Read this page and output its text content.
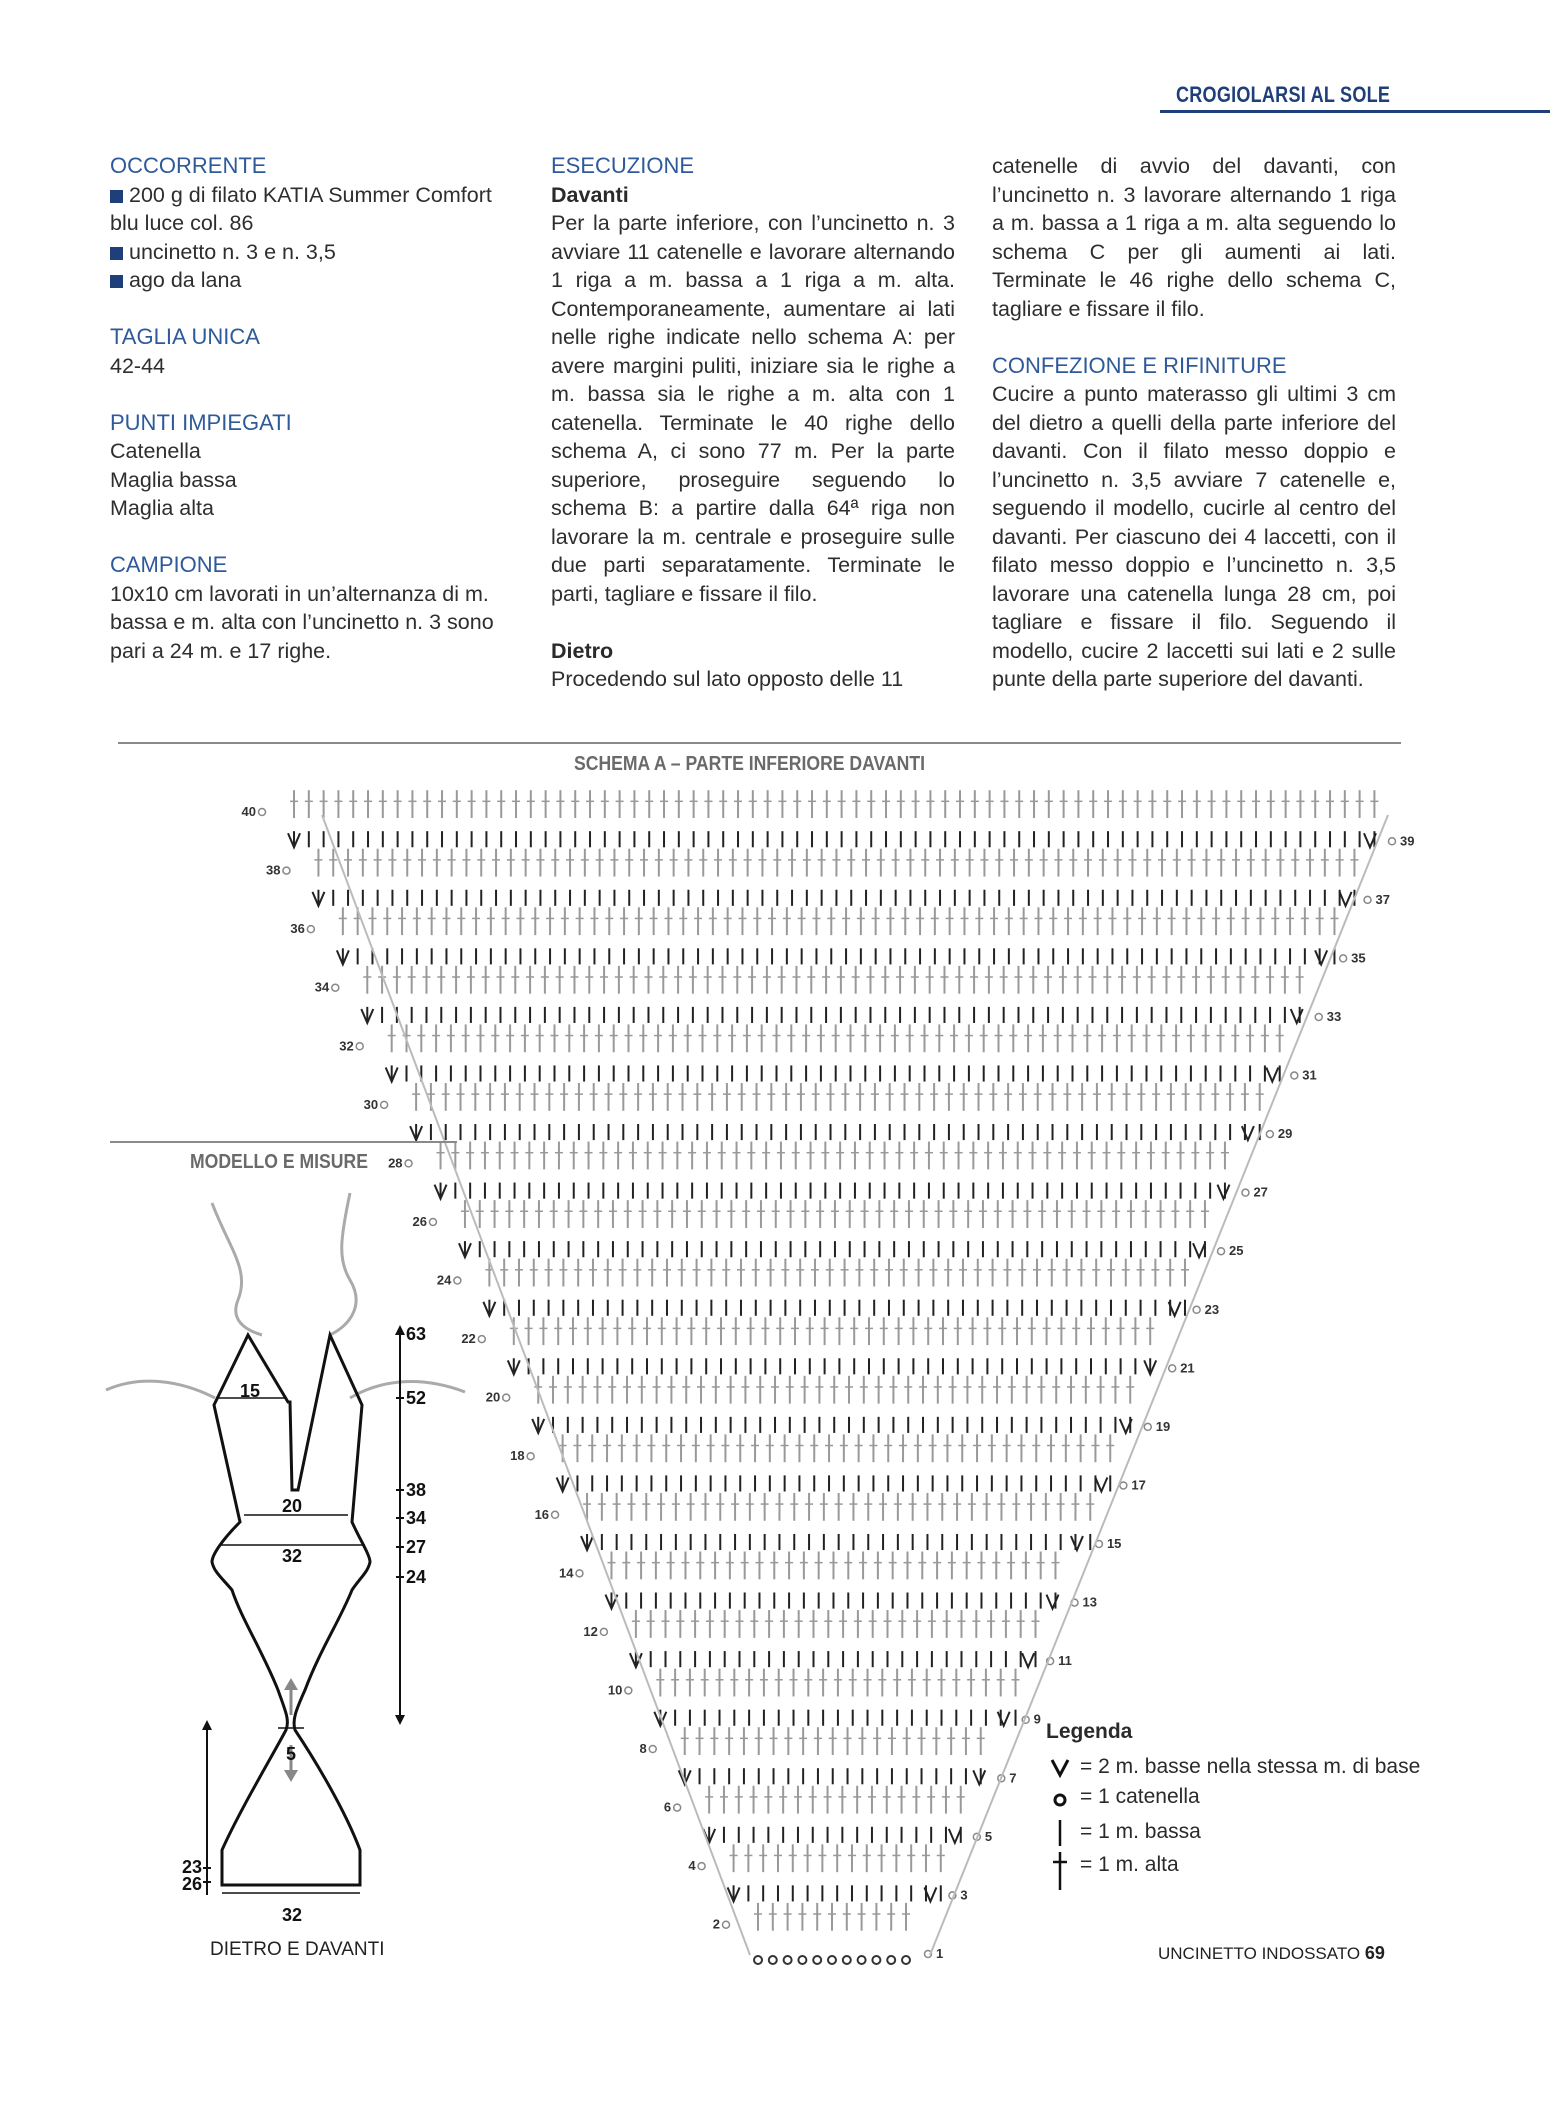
CROGIOLARSI AL SOLE

OCCORRENTE

200 g di filato KATIA Summer Comfort blu luce col. 86

uncinetto n. 3 e n. 3,5

ago da lana

TAGLIA UNICA

42-44

PUNTI IMPIEGATI

Catenella

Maglia bassa

Maglia alta

CAMPIONE

10x10 cm lavorati in un’alternanza di m. bassa e m. alta con l’uncinetto n. 3 sono pari a 24 m. e 17 righe.

ESECUZIONE

Davanti

Per la parte inferiore, con l’uncinetto n. 3 avviare 11 catenelle e lavorare alternando 1 riga a m. bassa a 1 riga a m. alta. Contemporaneamente, aumentare ai lati nelle righe indicate nello schema A: per avere margini puliti, iniziare sia le righe a m. bassa sia le righe a m. alta con 1 catenella. Terminate le 40 righe dello schema A, ci sono 77 m. Per la parte superiore, proseguire seguendo lo schema B: a partire dalla 64ª riga non lavorare la m. centrale e proseguire sulle due parti separatamente. Terminate le parti, tagliare e fissare il filo.

Dietro

Procedendo sul lato opposto delle 11

catenelle di avvio del davanti, con l’uncinetto n. 3 lavorare alternando 1 riga a m. bassa a 1 riga a m. alta seguendo lo schema C per gli aumenti ai lati. Terminate le 46 righe dello schema C, tagliare e fissare il filo.

CONFEZIONE E RIFINITURE

Cucire a punto materasso gli ultimi 3 cm del dietro a quelli della parte inferiore del davanti. Con il filato messo doppio e l’uncinetto n. 3,5 avviare 7 catenelle e, seguendo il modello, cucirle al centro del davanti. Per ciascuno dei 4 laccetti, con il filato messo doppio e l’uncinetto n. 3,5 lavorare una catenella lunga 28 cm, poi tagliare e fissare il filo. Seguendo il modello, cucire 2 laccetti sui lati e 2 sulle punte della parte superiore del davanti.

SCHEMA A – PARTE INFERIORE DAVANTI
1
2
3
4
5
6
7
8
9
10
11
12
13
14
15
16
17
18
19
20
21
22
23
24
25
26
27
28
29
30
31
32
33
34
35
36
37
38
39
40
MODELLO E MISURE
15
20
32
5
32
63
52
38
34
27
24
23
26
DIETRO E DAVANTI
Legenda
= 2 m. basse nella stessa m. di base
= 1 catenella
= 1 m. bassa
= 1 m. alta
UNCINETTO INDOSSATO 69
